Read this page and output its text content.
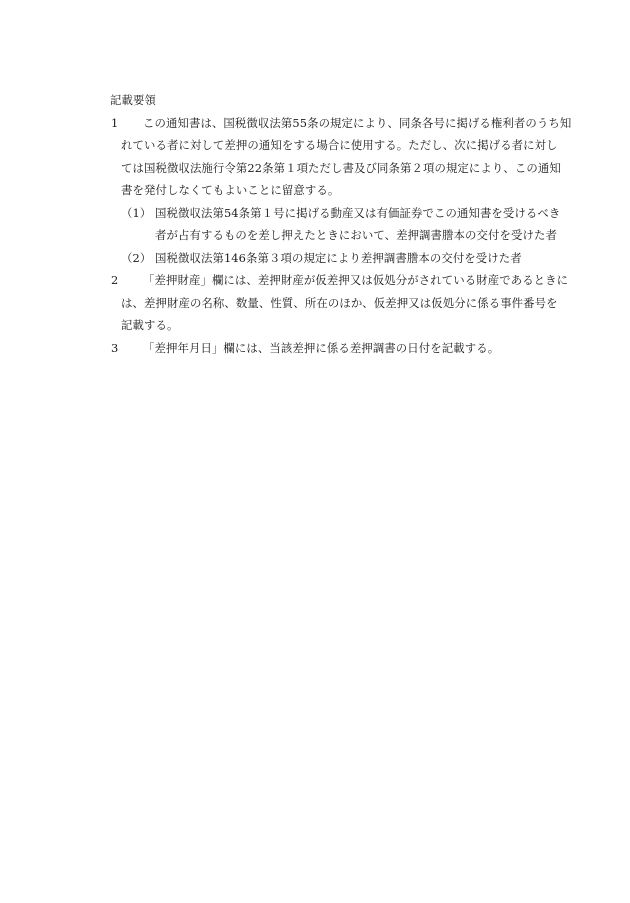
記載要領
1	この通知書は、国税徴収法第55条の規定により、同条各号に掲げる権利者のうち知
れている者に対して差押の通知をする場合に使用する。ただし、次に掲げる者に対し
ては国税徴収法施行令第22条第１項ただし書及び同条第２項の規定により、この通知
書を発付しなくてもよいことに留意する。
（1） 国税徴収法第54条第１号に掲げる動産又は有価証券でこの通知書を受けるべき
者が占有するものを差し押えたときにおいて、差押調書謄本の交付を受けた者
（2） 国税徴収法第146条第３項の規定により差押調書謄本の交付を受けた者
2	「差押財産」欄には、差押財産が仮差押又は仮処分がされている財産であるときに
は、差押財産の名称、数量、性質、所在のほか、仮差押又は仮処分に係る事件番号を
記載する。
3	「差押年月日」欄には、当該差押に係る差押調書の日付を記載する。
